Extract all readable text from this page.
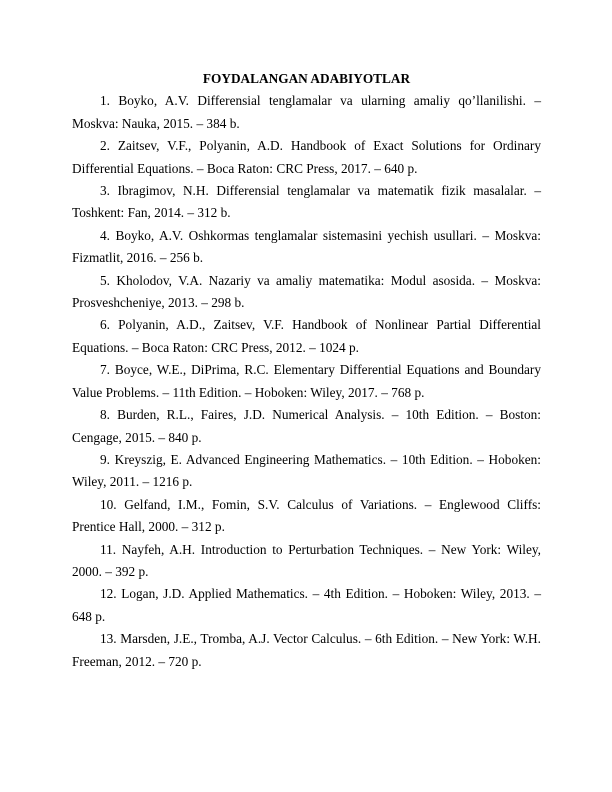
FOYDALANGAN ADABIYOTLAR

1. Boyko, A.V. Differensial tenglamalar va ularning amaliy qo’llanilishi. – Moskva: Nauka, 2015. – 384 b.

2. Zaitsev, V.F., Polyanin, A.D. Handbook of Exact Solutions for Ordinary Differential Equations. – Boca Raton: CRC Press, 2017. – 640 p.

3. Ibragimov, N.H. Differensial tenglamalar va matematik fizik masalalar. – Toshkent: Fan, 2014. – 312 b.

4. Boyko, A.V. Oshkormas tenglamalar sistemasini yechish usullari. – Moskva: Fizmatlit, 2016. – 256 b.

5. Kholodov, V.A. Nazariy va amaliy matematika: Modul asosida. – Moskva: Prosveshcheniye, 2013. – 298 b.

6. Polyanin, A.D., Zaitsev, V.F. Handbook of Nonlinear Partial Differential Equations. – Boca Raton: CRC Press, 2012. – 1024 p.

7. Boyce, W.E., DiPrima, R.C. Elementary Differential Equations and Boundary Value Problems. – 11th Edition. – Hoboken: Wiley, 2017. – 768 p.

8. Burden, R.L., Faires, J.D. Numerical Analysis. – 10th Edition. – Boston: Cengage, 2015. – 840 p.

9. Kreyszig, E. Advanced Engineering Mathematics. – 10th Edition. – Hoboken: Wiley, 2011. – 1216 p.

10. Gelfand, I.M., Fomin, S.V. Calculus of Variations. – Englewood Cliffs: Prentice Hall, 2000. – 312 p.

11. Nayfeh, A.H. Introduction to Perturbation Techniques. – New York: Wiley, 2000. – 392 p.

12. Logan, J.D. Applied Mathematics. – 4th Edition. – Hoboken: Wiley, 2013. – 648 p.

13. Marsden, J.E., Tromba, A.J. Vector Calculus. – 6th Edition. – New York: W.H. Freeman, 2012. – 720 p.
